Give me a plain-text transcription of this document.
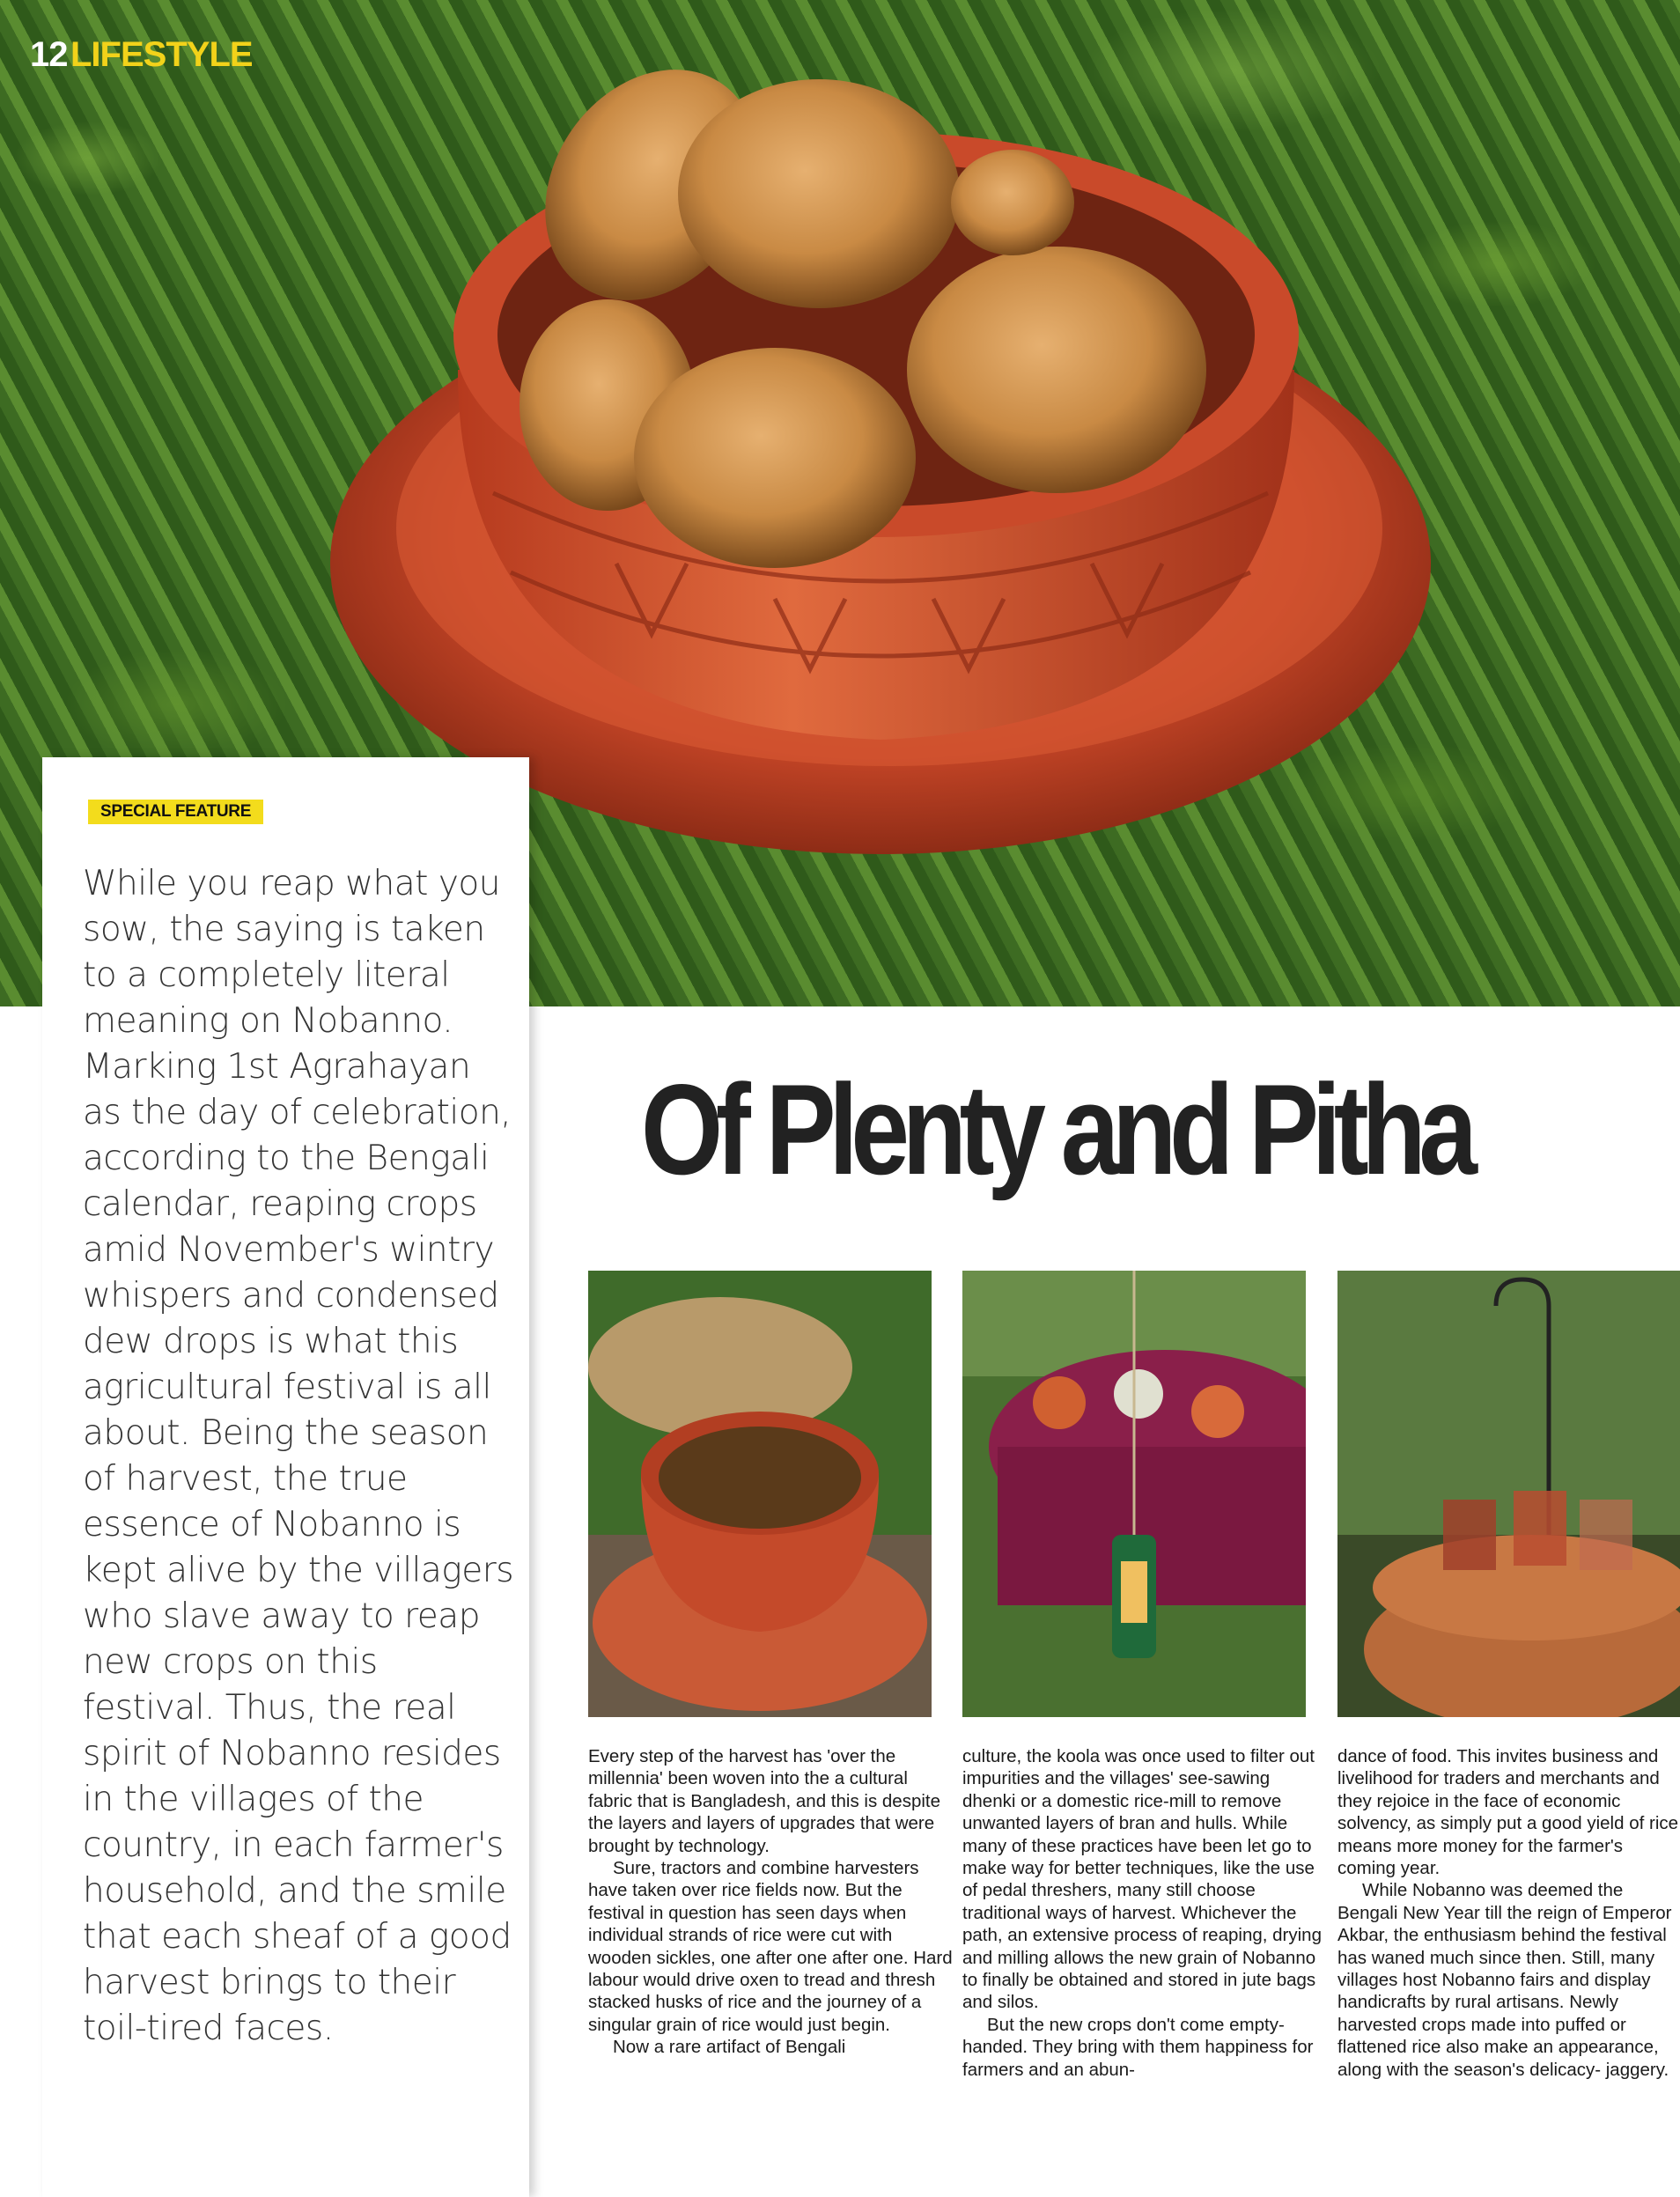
12 LIFESTYLE
SPECIAL FEATURE
While you reap what you sow, the saying is taken to a completely literal meaning on Nobanno. Marking 1st Agrahayan as the day of celebration, according to the Bengali calendar, reaping crops amid November's wintry whispers and condensed dew drops is what this agricultural festival is all about. Being the season of harvest, the true essence of Nobanno is kept alive by the villagers who slave away to reap new crops on this festival. Thus, the real spirit of Nobanno resides in the villages of the country, in each farmer's household, and the smile that each sheaf of a good harvest brings to their toil-tired faces.
Of Plenty and Pitha

Every step of the harvest has 'over the millennia' been woven into the a cultural fabric that is Bangladesh, and this is despite the layers and layers of upgrades that were brought by technology.

Sure, tractors and combine harvesters have taken over rice fields now. But the festival in question has seen days when individual strands of rice were cut with wooden sickles, one after one after one. Hard labour would drive oxen to tread and thresh stacked husks of rice and the journey of a singular grain of rice would just begin.

Now a rare artifact of Bengali

culture, the koola was once used to filter out impurities and the villages' see-sawing dhenki or a domestic rice-mill to remove unwanted layers of bran and hulls. While many of these practices have been let go to make way for better techniques, like the use of pedal threshers, many still choose traditional ways of harvest. Whichever the path, an extensive process of reaping, drying and milling allows the new grain of Nobanno to finally be obtained and stored in jute bags and silos.

But the new crops don't come empty-handed. They bring with them happiness for farmers and an abun-

dance of food. This invites business and livelihood for traders and merchants and they rejoice in the face of economic solvency, as simply put a good yield of rice means more money for the farmer's coming year.

While Nobanno was deemed the Bengali New Year till the reign of Emperor Akbar, the enthusiasm behind the festival has waned much since then. Still, many villages host Nobanno fairs and display handicrafts by rural artisans. Newly harvested crops made into puffed or flattened rice also make an appearance, along with the season's delicacy- jaggery.
